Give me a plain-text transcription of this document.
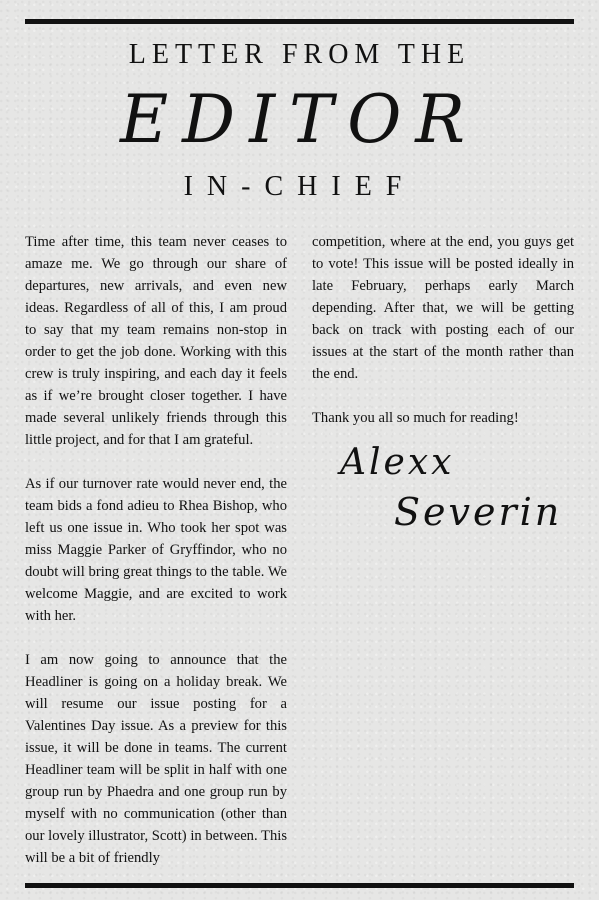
LETTER FROM THE
EDITOR
IN-CHIEF

Time after time, this team never ceases to amaze me. We go through our share of departures, new arrivals, and even new ideas. Regardless of all of this, I am proud to say that my team remains non-stop in order to get the job done. Working with this crew is truly inspiring, and each day it feels as if we’re brought closer together. I have made several unlikely friends through this little project, and for that I am grateful.

As if our turnover rate would never end, the team bids a fond adieu to Rhea Bishop, who left us one issue in. Who took her spot was miss Maggie Parker of Gryffindor, who no doubt will bring great things to the table. We welcome Maggie, and are excited to work with her.

I am now going to announce that the Headliner is going on a holiday break. We will resume our issue posting for a Valentines Day issue. As a preview for this issue, it will be done in teams. The current Headliner team will be split in half with one group run by Phaedra and one group run by myself with no communication (other than our lovely illustrator, Scott) in between. This will be a bit of friendly

competition, where at the end, you guys get to vote! This issue will be posted ideally in late February, perhaps early March depending. After that, we will be getting back on track with posting each of our issues at the start of the month rather than the end.

Thank you all so much for reading!

Alexx
Severin
